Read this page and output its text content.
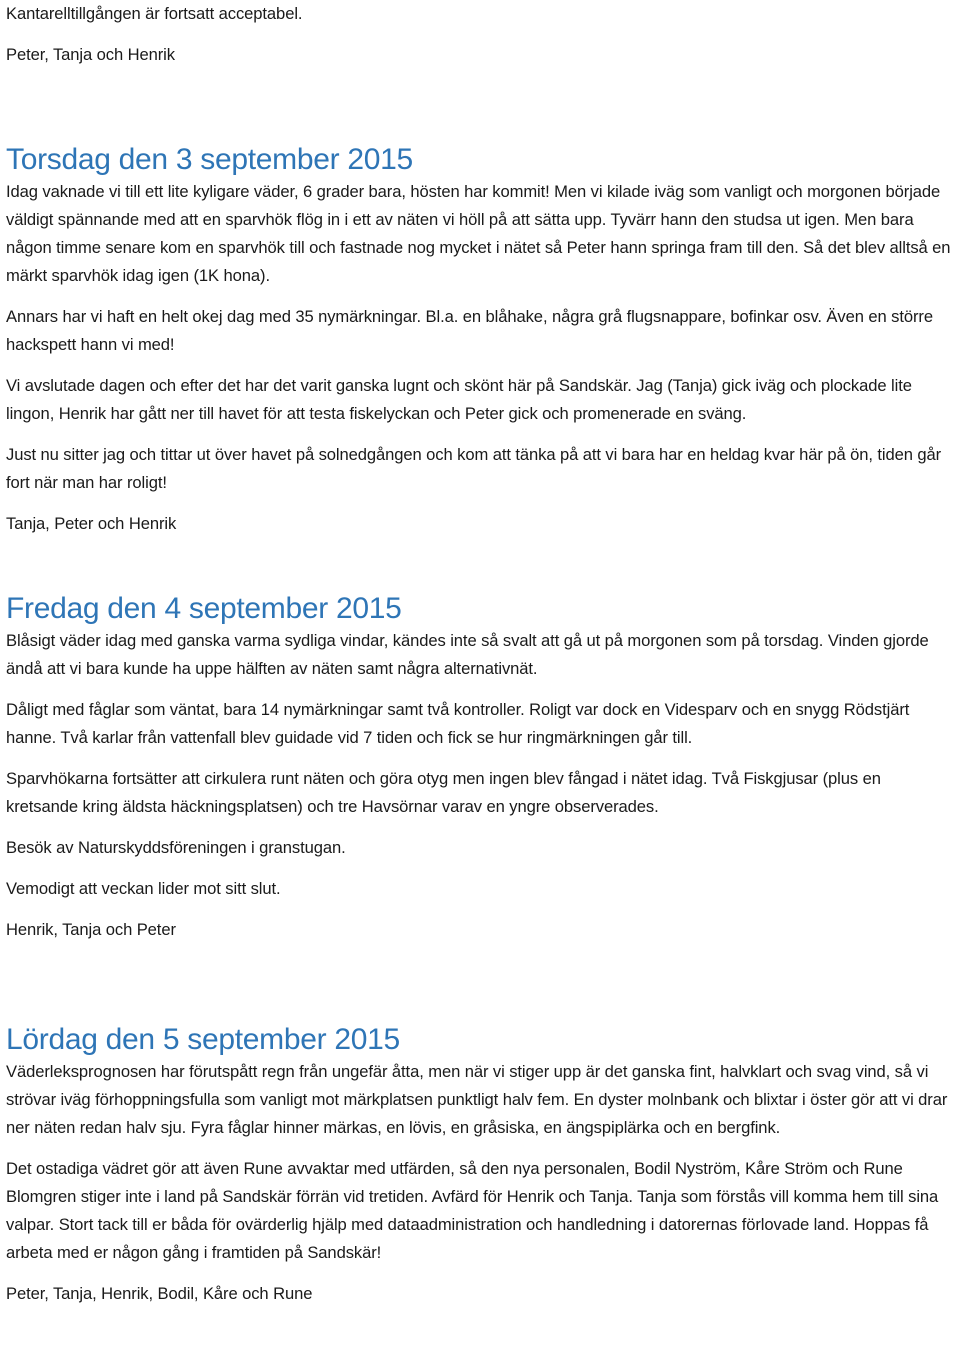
Kantarelltillgången är fortsatt acceptabel.

Peter, Tanja och Henrik

Torsdag den 3 september 2015

Idag vaknade vi till ett lite kyligare väder, 6 grader bara, hösten har kommit! Men vi kilade iväg som vanligt och morgonen började väldigt spännande med att en sparvhök flög in i ett av näten vi höll på att sätta upp. Tyvärr hann den studsa ut igen. Men bara någon timme senare kom en sparvhök till och fastnade nog mycket i nätet så Peter hann springa fram till den. Så det blev alltså en märkt sparvhök idag igen (1K hona).

Annars har vi haft en helt okej dag med 35 nymärkningar. Bl.a. en blåhake, några grå flugsnappare, bofinkar osv. Även en större hackspett hann vi med!

Vi avslutade dagen och efter det har det varit ganska lugnt och skönt här på Sandskär. Jag (Tanja) gick iväg och plockade lite lingon, Henrik har gått ner till havet för att testa fiskelyckan och Peter gick och promenerade en sväng.

Just nu sitter jag och tittar ut över havet på solnedgången och kom att tänka på att vi bara har en heldag kvar här på ön, tiden går fort när man har roligt!

Tanja, Peter och Henrik

Fredag den 4 september 2015

Blåsigt väder idag med ganska varma sydliga vindar, kändes inte så svalt att gå ut på morgonen som på torsdag. Vinden gjorde ändå att vi bara kunde ha uppe hälften av näten samt några alternativnät.

Dåligt med fåglar som väntat, bara 14 nymärkningar samt två kontroller. Roligt var dock en Videsparv och en snygg Rödstjärt hanne. Två karlar från vattenfall blev guidade vid 7 tiden och fick se hur ringmärkningen går till.

Sparvhökarna fortsätter att cirkulera runt näten och göra otyg men ingen blev fångad i nätet idag. Två Fiskgjusar (plus en kretsande kring äldsta häckningsplatsen) och tre Havsörnar varav en yngre observerades.

Besök av Naturskyddsföreningen i granstugan.

Vemodigt att veckan lider mot sitt slut.

Henrik, Tanja och Peter

Lördag den 5 september 2015

Väderleksprognosen har förutspått regn från ungefär åtta, men när vi stiger upp är det ganska fint, halvklart och svag vind, så vi strövar iväg förhoppningsfulla som vanligt mot märkplatsen punktligt halv fem. En dyster molnbank och blixtar i öster gör att vi drar ner näten redan halv sju. Fyra fåglar hinner märkas, en lövis, en gråsiska, en ängspiplärka och en bergfink.

Det ostadiga vädret gör att även Rune avvaktar med utfärden, så den nya personalen, Bodil Nyström, Kåre Ström och Rune Blomgren stiger inte i land på Sandskär förrän vid tretiden. Avfärd för Henrik och Tanja. Tanja som förstås vill komma hem till sina valpar. Stort tack till er båda för ovärderlig hjälp med dataadministration och handledning i datorernas förlovade land. Hoppas få arbeta med er någon gång i framtiden på Sandskär!

Peter, Tanja, Henrik, Bodil, Kåre och Rune
